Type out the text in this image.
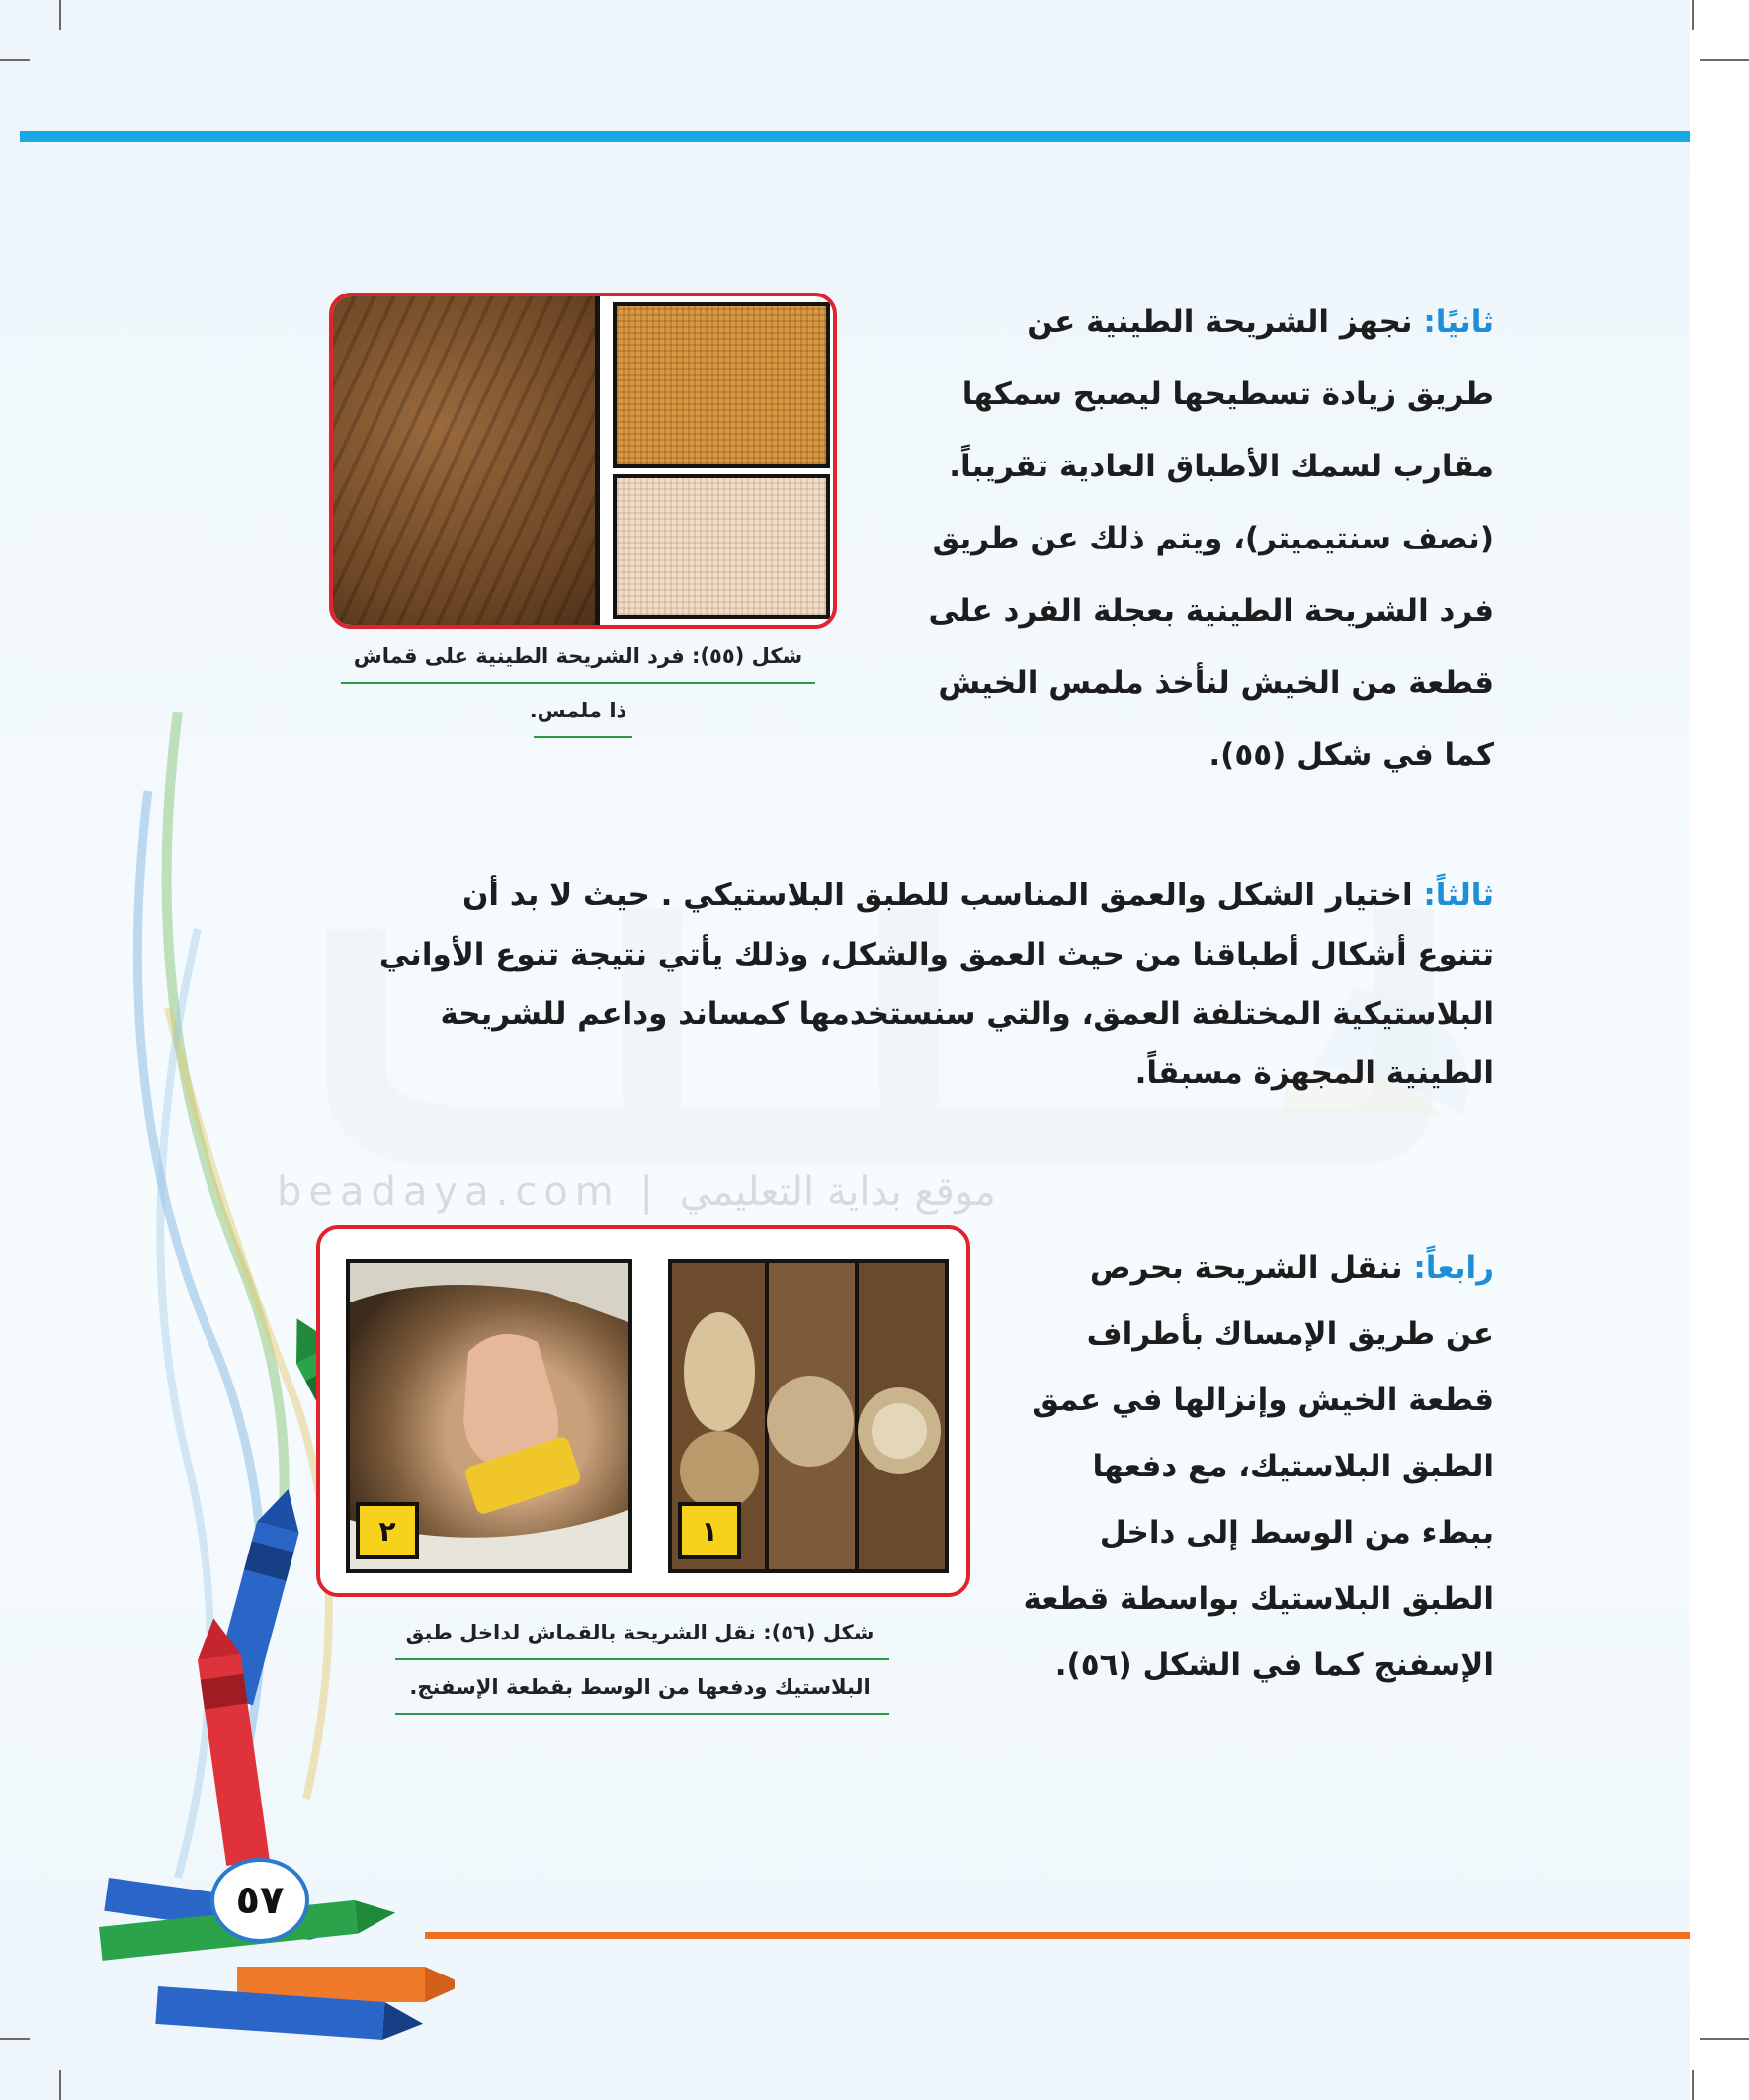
beadaya.com | موقع بداية التعليمي

ثانيًا: نجهز الشريحة الطينية عن

طريق زيادة تسطيحها ليصبح سمكها

مقارب لسمك الأطباق العادية تقريباً.

(نصف سنتيميتر)، ويتم ذلك عن طريق

فرد الشريحة الطينية بعجلة الفرد على

قطعة من الخيش لنأخذ ملمس الخيش

كما في شكل (٥٥).

شكل (٥٥): فرد الشريحة الطينية على قماش
ذا ملمس.

ثالثاً: اختيار الشكل والعمق المناسب للطبق البلاستيكي . حيث لا بد أن

تتنوع أشكال أطباقنا من حيث العمق والشكل، وذلك يأتي نتيجة تنوع الأواني

البلاستيكية المختلفة العمق، والتي سنستخدمها كمساند وداعم للشريحة

الطينية المجهزة مسبقاً.

رابعاً: ننقل الشريحة بحرص

عن طريق الإمساك بأطراف

قطعة الخيش وإنزالها في عمق

الطبق البلاستيك، مع دفعها

ببطء من الوسط إلى داخل

الطبق البلاستيك بواسطة قطعة

الإسفنج كما في الشكل (٥٦).

٢	١
شكل (٥٦): نقل الشريحة بالقماش لداخل طبق
البلاستيك ودفعها من الوسط بقطعة الإسفنج.
٥٧
